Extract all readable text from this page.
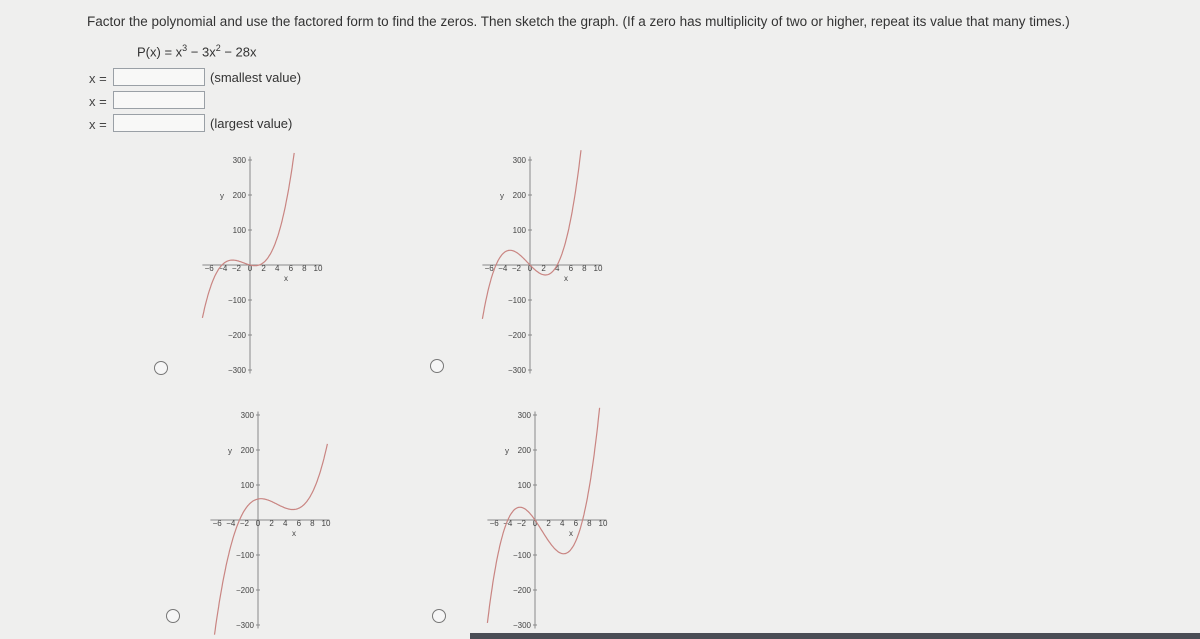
Factor the polynomial and use the factored form to find the zeros. Then sketch the graph. (If a zero has multiplicity of two or higher, repeat its value that many times.)
$P(x) = x^3 - 3x^2 - 28x$
x =	(smallest value)
x =
x =	(largest value)
−6 −4 −2 0 2 4 6 8 10
300
200
100
−100
−200
−300
x
y
−6 −4 −2 0 2 4 6 8 10
300
200
100
−100
−200
−300
x
y
−6 −4 −2 0 2 4 6 8 10
300
200
100
−100
−200
−300
x
y
−6 −4 −2 0 2 4 6 8 10
300
200
100
−100
−200
−300
x
y
